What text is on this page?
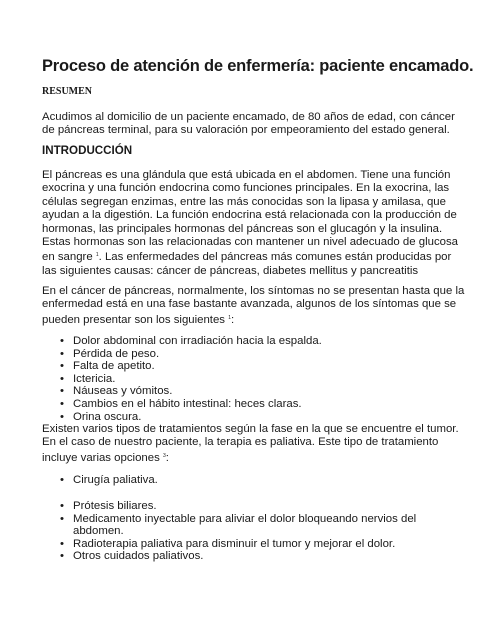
Proceso de atención de enfermería: paciente encamado.
RESUMEN
Acudimos al domicilio de un paciente encamado, de 80 años de edad, con cáncer
de páncreas terminal, para su valoración por empeoramiento del estado general.
INTRODUCCIÓN
El páncreas es una glándula que está ubicada en el abdomen. Tiene una función
exocrina y una función endocrina como funciones principales. En la exocrina, las
células segregan enzimas, entre las más conocidas son la lipasa y amilasa, que
ayudan a la digestión. La función endocrina está relacionada con la producción de
hormonas, las principales hormonas del páncreas son el glucagón y la insulina.
Estas hormonas son las relacionadas con mantener un nivel adecuado de glucosa
en sangre $^1$. Las enfermedades del páncreas más comunes están producidas por
las siguientes causas: cáncer de páncreas, diabetes mellitus y pancreatitis
En el cáncer de páncreas, normalmente, los síntomas no se presentan hasta que la
enfermedad está en una fase bastante avanzada, algunos de los síntomas que se
pueden presentar son los siguientes $^1$:
• Dolor abdominal con irradiación hacia la espalda.
• Pérdida de peso.
• Falta de apetito.
• Ictericia.
• Náuseas y vómitos.
• Cambios en el hábito intestinal: heces claras.
• Orina oscura.
Existen varios tipos de tratamientos según la fase en la que se encuentre el tumor.
En el caso de nuestro paciente, la terapia es paliativa. Este tipo de tratamiento
incluye varias opciones $^3$:
• Cirugía paliativa.
• Prótesis biliares.
• Medicamento inyectable para aliviar el dolor bloqueando nervios del
abdomen.
• Radioterapia paliativa para disminuir el tumor y mejorar el dolor.
• Otros cuidados paliativos.
